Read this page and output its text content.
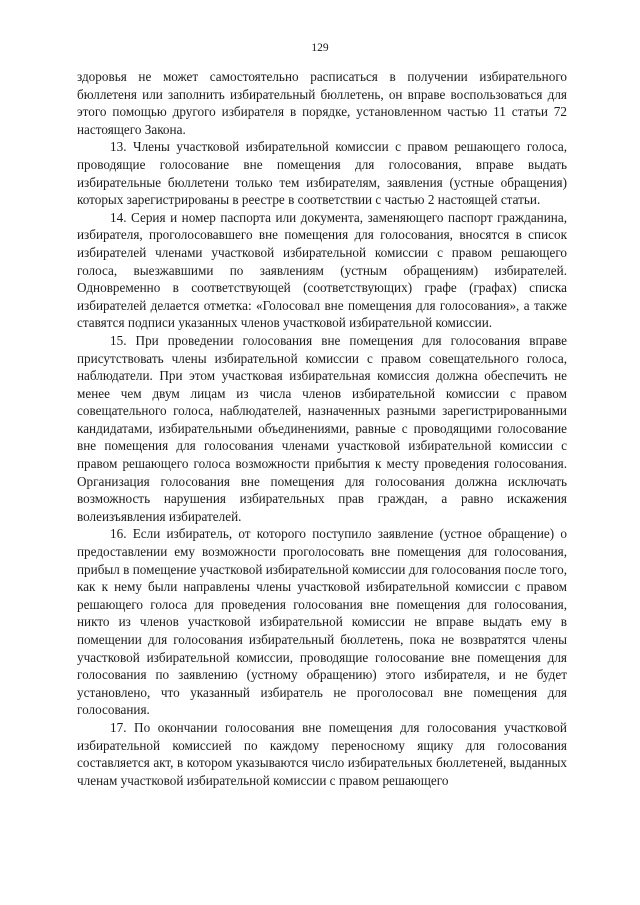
129

здоровья не может самостоятельно расписаться в получении избирательного бюллетеня или заполнить избирательный бюллетень, он вправе воспользоваться для этого помощью другого избирателя в порядке, установленном частью 11 статьи 72 настоящего Закона.

13. Члены участковой избирательной комиссии с правом решающего голоса, проводящие голосование вне помещения для голосования, вправе выдать избирательные бюллетени только тем избирателям, заявления (устные обращения) которых зарегистрированы в реестре в соответствии с частью 2 настоящей статьи.

14. Серия и номер паспорта или документа, заменяющего паспорт гражданина, избирателя, проголосовавшего вне помещения для голосования, вносятся в список избирателей членами участковой избирательной комиссии с правом решающего голоса, выезжавшими по заявлениям (устным обращениям) избирателей. Одновременно в соответствующей (соответствующих) графе (графах) списка избирателей делается отметка: «Голосовал вне помещения для голосования», а также ставятся подписи указанных членов участковой избирательной комиссии.

15. При проведении голосования вне помещения для голосования вправе присутствовать члены избирательной комиссии с правом совещательного голоса, наблюдатели. При этом участковая избирательная комиссия должна обеспечить не менее чем двум лицам из числа членов избирательной комиссии с правом совещательного голоса, наблюдателей, назначенных разными зарегистрированными кандидатами, избирательными объединениями, равные с проводящими голосование вне помещения для голосования членами участковой избирательной комиссии с правом решающего голоса возможности прибытия к месту проведения голосования. Организация голосования вне помещения для голосования должна исключать возможность нарушения избирательных прав граждан, а равно искажения волеизъявления избирателей.

16. Если избиратель, от которого поступило заявление (устное обращение) о предоставлении ему возможности проголосовать вне помещения для голосования, прибыл в помещение участковой избирательной комиссии для голосования после того, как к нему были направлены члены участковой избирательной комиссии с правом решающего голоса для проведения голосования вне помещения для голосования, никто из членов участковой избирательной комиссии не вправе выдать ему в помещении для голосования избирательный бюллетень, пока не возвратятся члены участковой избирательной комиссии, проводящие голосование вне помещения для голосования по заявлению (устному обращению) этого избирателя, и не будет установлено, что указанный избиратель не проголосовал вне помещения для голосования.

17. По окончании голосования вне помещения для голосования участковой избирательной комиссией по каждому переносному ящику для голосования составляется акт, в котором указываются число избирательных бюллетеней, выданных членам участковой избирательной комиссии с правом решающего
